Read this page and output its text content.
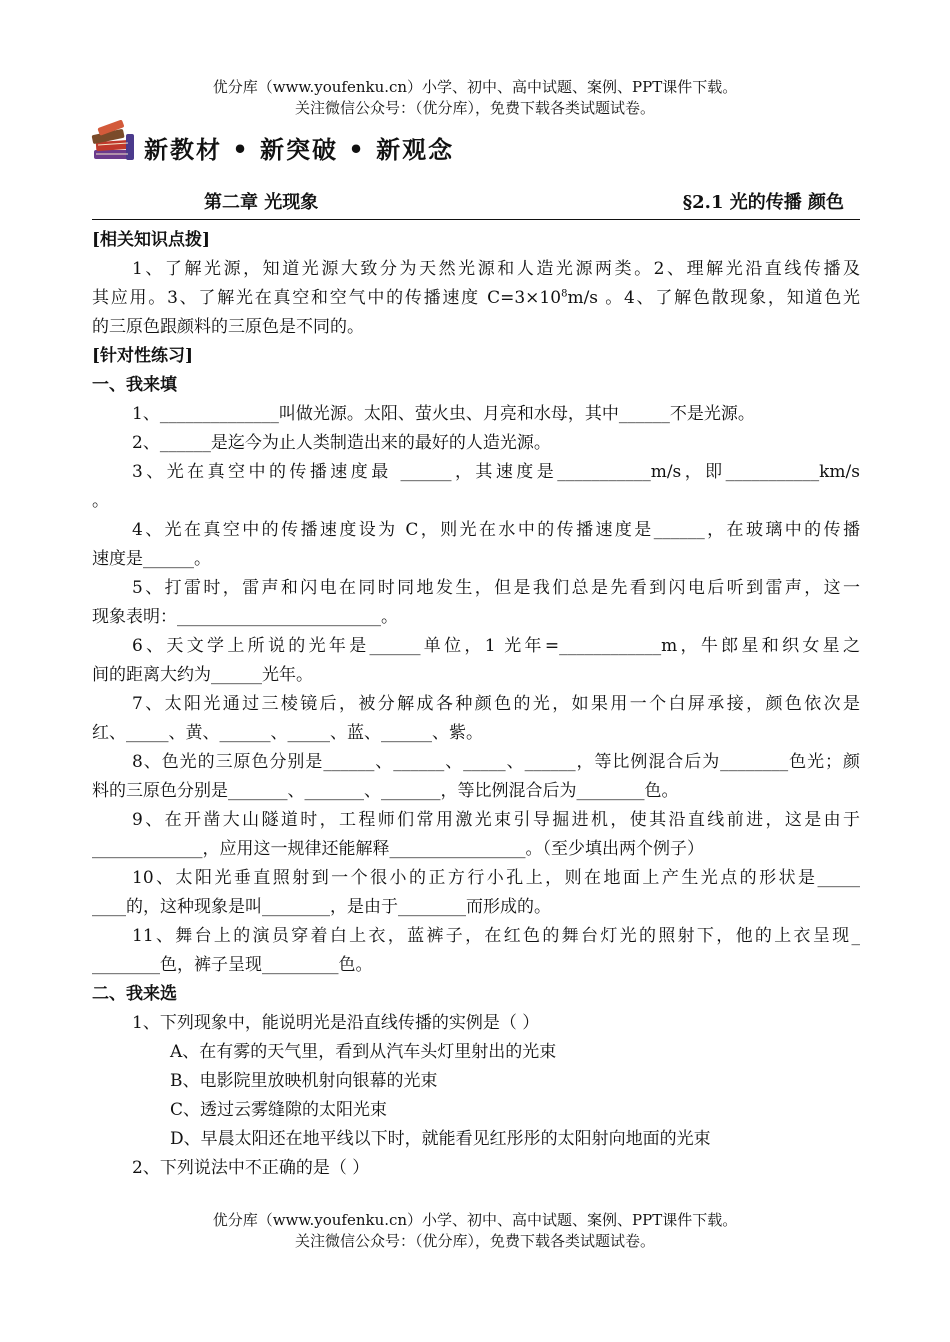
优分库（www.youfenku.cn）小学、初中、高中试题、案例、PPT课件下载。
关注微信公众号：（优分库），免费下载各类试题试卷。
新教材 • 新突破 • 新观念
第二章 光现象	§2.1 光的传播 颜色
[相关知识点拨]
1、了解光源，知道光源大致分为天然光源和人造光源两类。2、理解光沿直线传播及
其应用。3、了解光在真空和空气中的传播速度 $C=3\times 10^8m/s$ 。4、了解色散现象，知道色光
的三原色跟颜料的三原色是不同的。
[针对性练习]
一、我来填
1、______________叫做光源。太阳、萤火虫、月亮和水母，其中______不是光源。
2、______是迄今为止人类制造出来的最好的人造光源。
3、光在真空中的传播速度最 ______，其速度是___________m/s，即___________km/s
。
4、光在真空中的传播速度设为 C，则光在水中的传播速度是______，在玻璃中的传播
速度是______。
5、打雷时，雷声和闪电在同时同地发生，但是我们总是先看到闪电后听到雷声，这一
现象表明：________________________。
6、天文学上所说的光年是______单位，1 光年=____________m，牛郎星和织女星之
间的距离大约为______光年。
7、太阳光通过三棱镜后，被分解成各种颜色的光，如果用一个白屏承接，颜色依次是
红、_____、黄、______、_____、蓝、______、紫。
8、色光的三原色分别是______、______、_____、______，等比例混合后为________色光；颜
料的三原色分别是_______、_______、_______，等比例混合后为________色。
9、在开凿大山隧道时，工程师们常用激光束引导掘进机，使其沿直线前进，这是由于
_____________，应用这一规律还能解释________________。（至少填出两个例子）
10、太阳光垂直照射到一个很小的正方行小孔上，则在地面上产生光点的形状是_____
____的，这种现象是叫________，是由于________而形成的。
11、舞台上的演员穿着白上衣，蓝裤子，在红色的舞台灯光的照射下，他的上衣呈现_
________色，裤子呈现_________色。
二、我来选
1、下列现象中，能说明光是沿直线传播的实例是（ ）
A、在有雾的天气里，看到从汽车头灯里射出的光束
B、电影院里放映机射向银幕的光束
C、透过云雾缝隙的太阳光束
D、早晨太阳还在地平线以下时，就能看见红彤彤的太阳射向地面的光束
2、下列说法中不正确的是（ ）
优分库（www.youfenku.cn）小学、初中、高中试题、案例、PPT课件下载。
关注微信公众号：（优分库），免费下载各类试题试卷。
